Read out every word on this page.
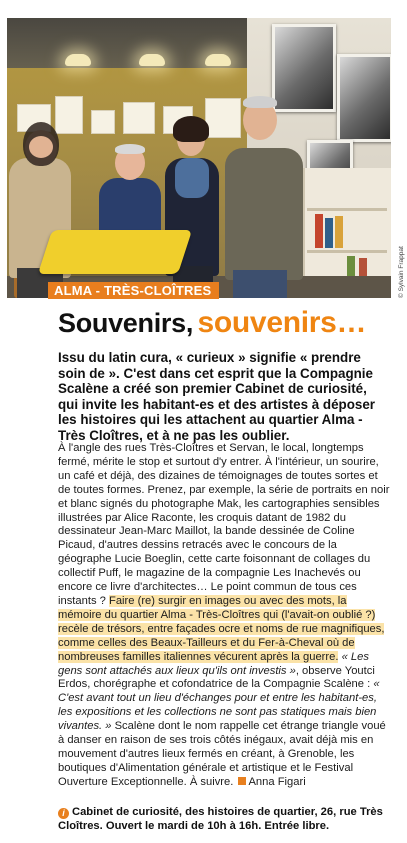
© Sylvain Frappat
ALMA - TRÈS-CLOÎTRES
Souvenirs, souvenirs…
Issu du latin cura, « curieux » signifie « prendre soin de ». C'est dans cet esprit que la Compagnie Scalène a créé son premier Cabinet de curiosité, qui invite les habitant-es et des artistes à déposer les histoires qui les attachent au quartier Alma - Très Cloîtres, et à ne pas les oublier.

À l'angle des rues Très-Cloîtres et Servan, le local, longtemps fermé, mérite le stop et surtout d'y entrer. À l'intérieur, un sourire, un café et déjà, des dizaines de témoignages de toutes sortes et de toutes formes. Prenez, par exemple, la série de portraits en noir et blanc signés du photographe Mak, les cartographies sensibles illustrées par Alice Raconte, les croquis datant de 1982 du dessinateur Jean-Marc Maillot, la bande dessinée de Coline Picaud, d'autres dessins retracés avec le concours de la géographe Lucie Boeglin, cette carte foisonnant de collages du collectif Puff, le magazine de la compagnie Les Inachevés ou encore ce livre d'architectes… Le point commun de tous ces instants ? Faire (re) surgir en images ou avec des mots, la mémoire du quartier Alma - Très-Cloîtres qui (l'avait-on oublié ?) recèle de trésors, entre façades ocre et noms de rue magnifiques, comme celles des Beaux-Tailleurs et du Fer-à-Cheval où de nombreuses familles italiennes vécurent après la guerre. « Les gens sont attachés aux lieux qu'ils ont investis », observe Youtci Erdos, chorégraphe et cofondatrice de la Compagnie Scalène : « C'est avant tout un lieu d'échanges pour et entre les habitant-es, les expositions et les collections ne sont pas statiques mais bien vivantes. » Scalène dont le nom rappelle cet étrange triangle voué à danser en raison de ses trois côtés inégaux, avait déjà mis en mouvement d'autres lieux fermés en créant, à Grenoble, les boutiques d'Alimentation générale et artistique et le Festival Ouverture Exceptionnelle. À suivre. Anna Figari

i Cabinet de curiosité, des histoires de quartier, 26, rue Très Cloîtres. Ouvert le mardi de 10h à 16h. Entrée libre.
